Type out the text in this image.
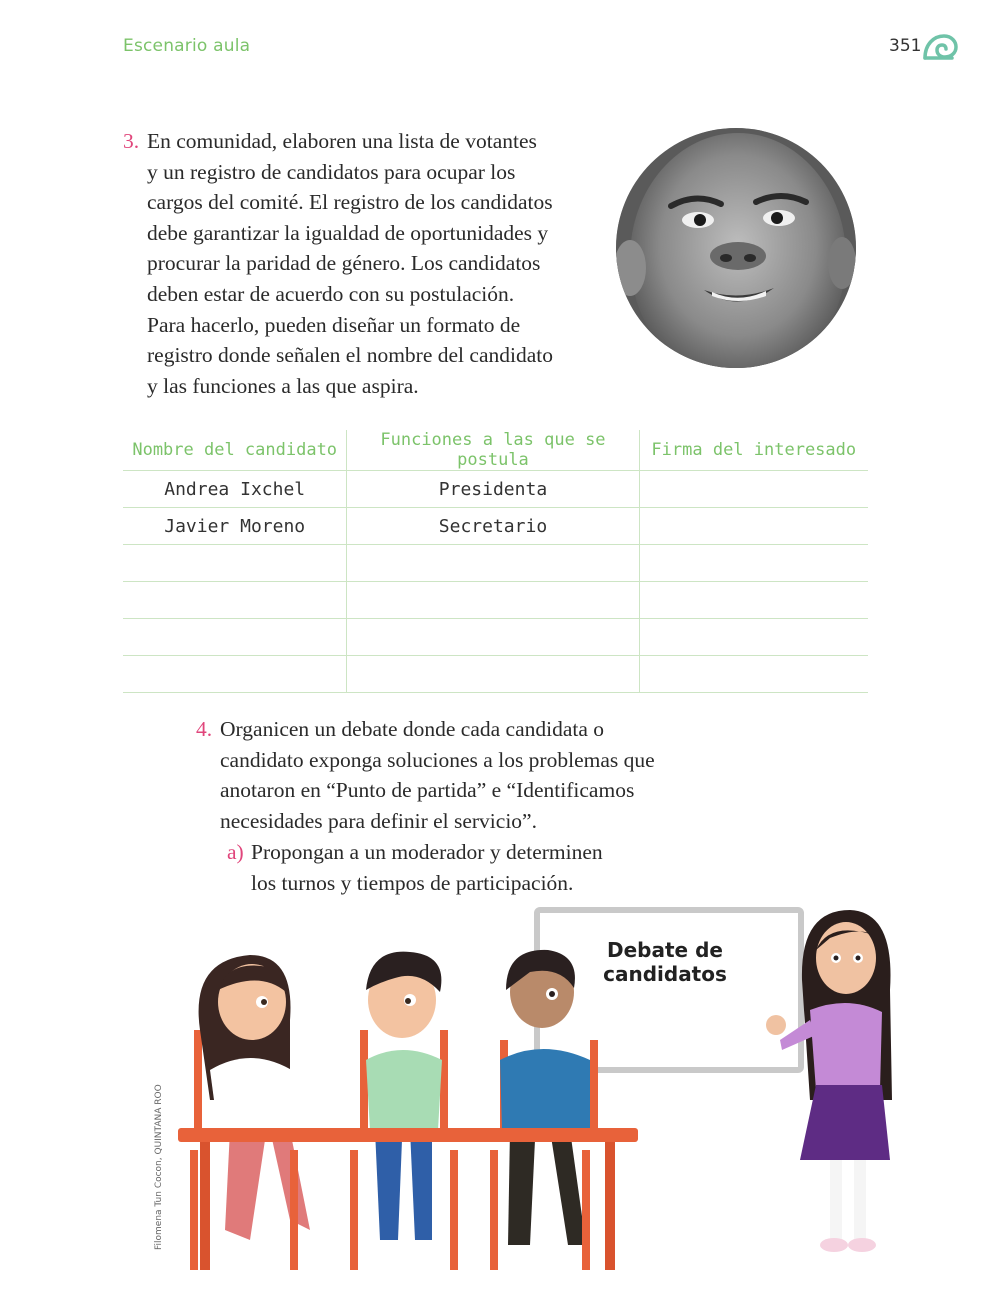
Escenario aula	351
3. En comunidad, elaboren una lista de votantes
y un registro de candidatos para ocupar los
cargos del comité. El registro de los candidatos
debe garantizar la igualdad de oportunidades y
procurar la paridad de género. Los candidatos
deben estar de acuerdo con su postulación.
Para hacerlo, pueden diseñar un formato de
registro donde señalen el nombre del candidato
y las funciones a las que aspira.
Nombre del candidato	Funciones a las que se postula	Firma del interesado
Andrea Ixchel	Presidenta	
Javier Moreno	Secretario	

4. Organicen un debate donde cada candidata o
candidato exponga soluciones a los problemas que
anotaron en “Punto de partida” e “Identificamos
necesidades para definir el servicio”.
a) Propongan a un moderador y determinen
los turnos y tiempos de participación.
Filomena Tun Cocon, QUINTANA ROO
Debate de
candidatos
